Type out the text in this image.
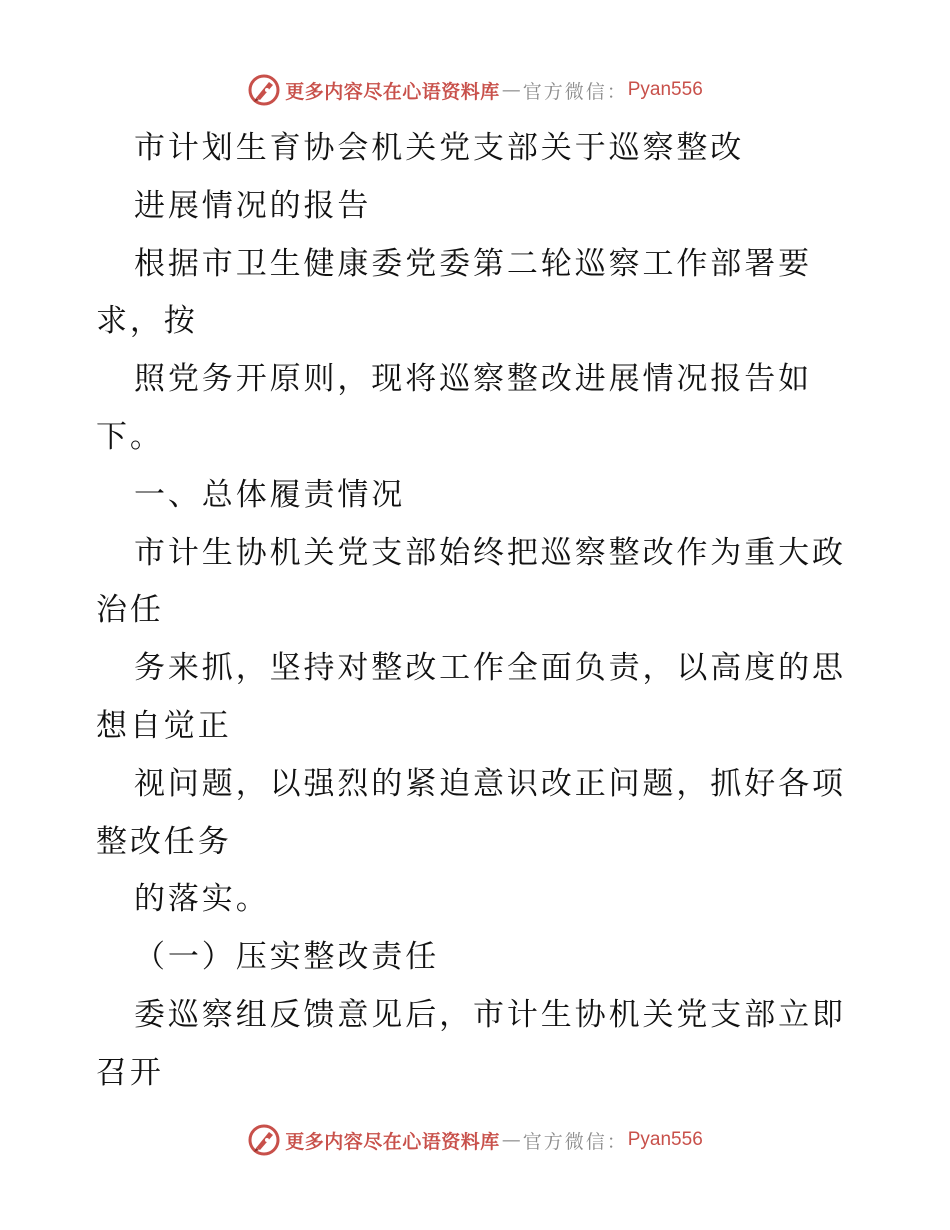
更多内容尽在心语资料库 — 官方微信： Pyan556
市计划生育协会机关党支部关于巡察整改
进展情况的报告
根据市卫生健康委党委第二轮巡察工作部署要
求，按
照党务开原则，现将巡察整改进展情况报告如
下。
一、总体履责情况
市计生协机关党支部始终把巡察整改作为重大政
治任
务来抓，坚持对整改工作全面负责，以高度的思
想自觉正
视问题，以强烈的紧迫意识改正问题，抓好各项
整改任务
的落实。
（一）压实整改责任
委巡察组反馈意见后，市计生协机关党支部立即
召开
更多内容尽在心语资料库 — 官方微信： Pyan556
